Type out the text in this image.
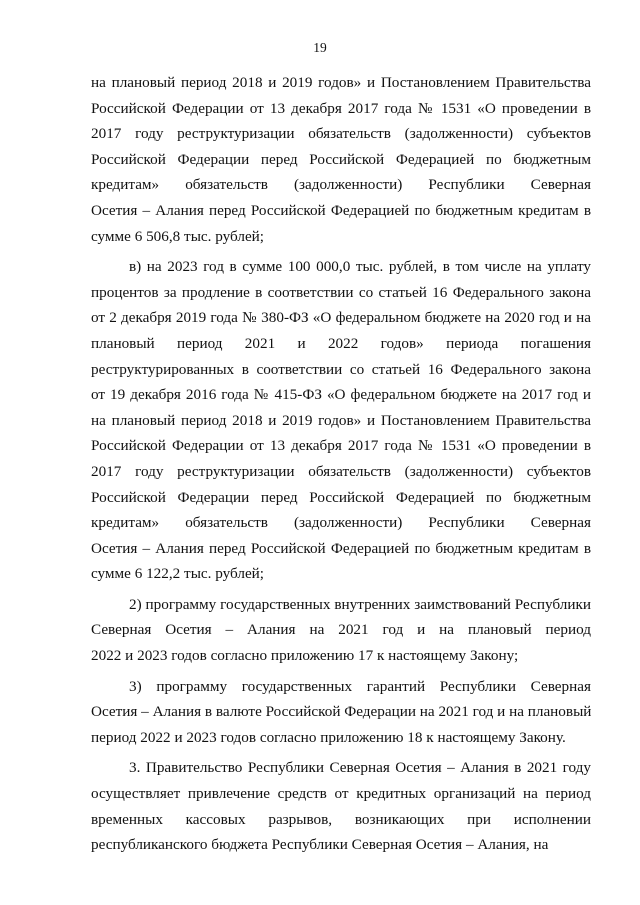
19
на плановый период 2018 и 2019 годов» и Постановлением Правительства
Российской Федерации от 13 декабря 2017 года № 1531 «О проведении в
2017 году реструктуризации обязательств (задолженности) субъектов
Российской Федерации перед Российской Федерацией по бюджетным
кредитам» обязательств (задолженности) Республики Северная
Осетия – Алания перед Российской Федерацией по бюджетным кредитам в
сумме 6 506,8 тыс. рублей;
в) на 2023 год в сумме 100 000,0 тыс. рублей, в том числе на уплату
процентов за продление в соответствии со статьей 16 Федерального закона
от 2 декабря 2019 года № 380-ФЗ «О федеральном бюджете на 2020 год и на
плановый период 2021 и 2022 годов» периода погашения
реструктурированных в соответствии со статьей 16 Федерального закона
от 19 декабря 2016 года № 415-ФЗ «О федеральном бюджете на 2017 год и
на плановый период 2018 и 2019 годов» и Постановлением Правительства
Российской Федерации от 13 декабря 2017 года № 1531 «О проведении в
2017 году реструктуризации обязательств (задолженности) субъектов
Российской Федерации перед Российской Федерацией по бюджетным
кредитам» обязательств (задолженности) Республики Северная
Осетия – Алания перед Российской Федерацией по бюджетным кредитам в
сумме 6 122,2 тыс. рублей;
2) программу государственных внутренних заимствований Республики
Северная Осетия – Алания на 2021 год и на плановый период
2022 и 2023 годов согласно приложению 17 к настоящему Закону;
3) программу государственных гарантий Республики Северная
Осетия – Алания в валюте Российской Федерации на 2021 год и на плановый
период 2022 и 2023 годов согласно приложению 18 к настоящему Закону.
3. Правительство Республики Северная Осетия – Алания в 2021 году
осуществляет привлечение средств от кредитных организаций на период
временных кассовых разрывов, возникающих при исполнении
республиканского бюджета Республики Северная Осетия – Алания, на
